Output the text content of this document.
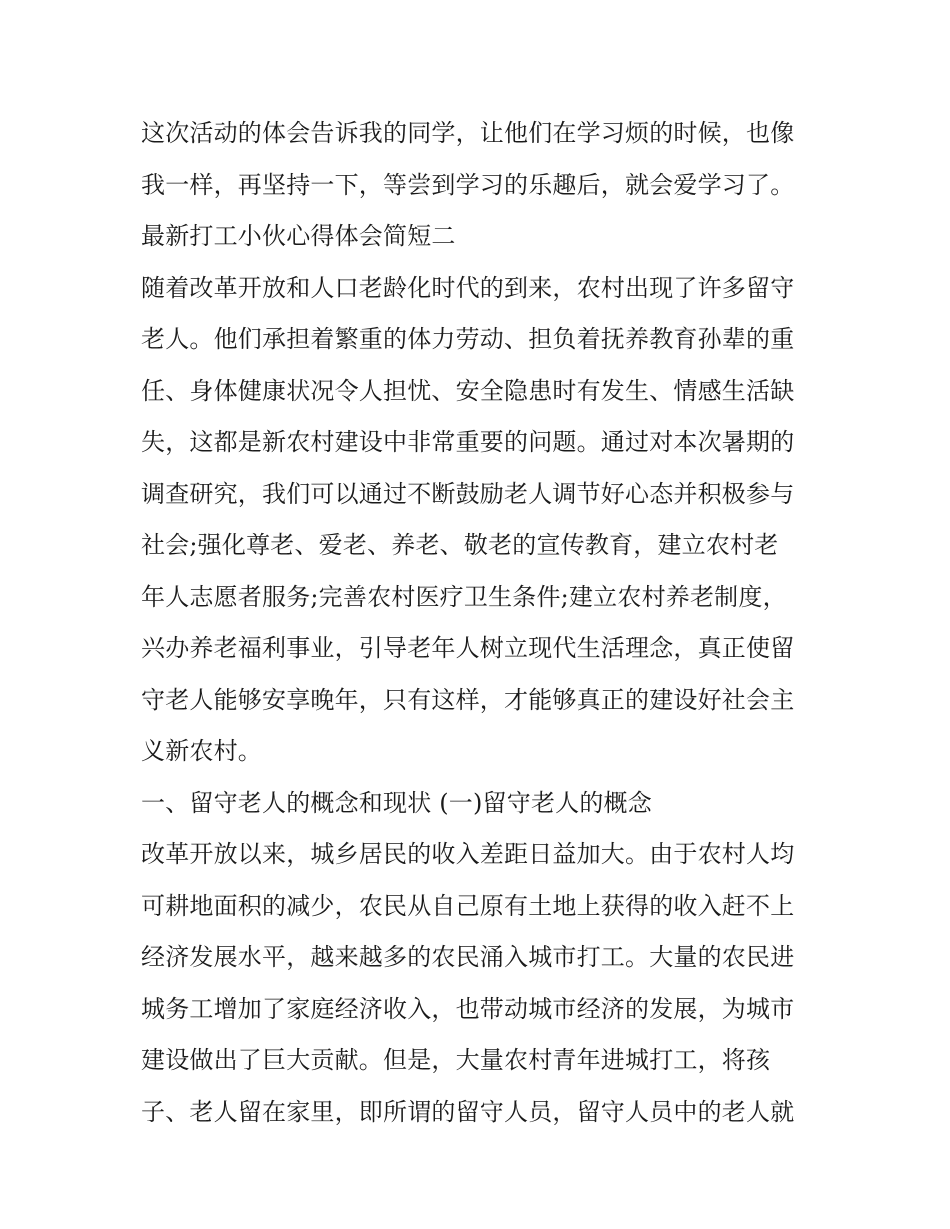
这次活动的体会告诉我的同学，让他们在学习烦的时候，也像
我一样，再坚持一下，等尝到学习的乐趣后，就会爱学习了。
最新打工小伙心得体会简短二
随着改革开放和人口老龄化时代的到来，农村出现了许多留守
老人。他们承担着繁重的体力劳动、担负着抚养教育孙辈的重
任、身体健康状况令人担忧、安全隐患时有发生、情感生活缺
失，这都是新农村建设中非常重要的问题。通过对本次暑期的
调查研究，我们可以通过不断鼓励老人调节好心态并积极参与
社会;强化尊老、爱老、养老、敬老的宣传教育，建立农村老
年人志愿者服务;完善农村医疗卫生条件;建立农村养老制度，
兴办养老福利事业，引导老年人树立现代生活理念，真正使留
守老人能够安享晚年，只有这样，才能够真正的建设好社会主
义新农村。
一、留守老人的概念和现状 (一)留守老人的概念
改革开放以来，城乡居民的收入差距日益加大。由于农村人均
可耕地面积的减少，农民从自己原有土地上获得的收入赶不上
经济发展水平，越来越多的农民涌入城市打工。大量的农民进
城务工增加了家庭经济收入，也带动城市经济的发展，为城市
建设做出了巨大贡献。但是，大量农村青年进城打工，将孩
子、老人留在家里，即所谓的留守人员，留守人员中的老人就
